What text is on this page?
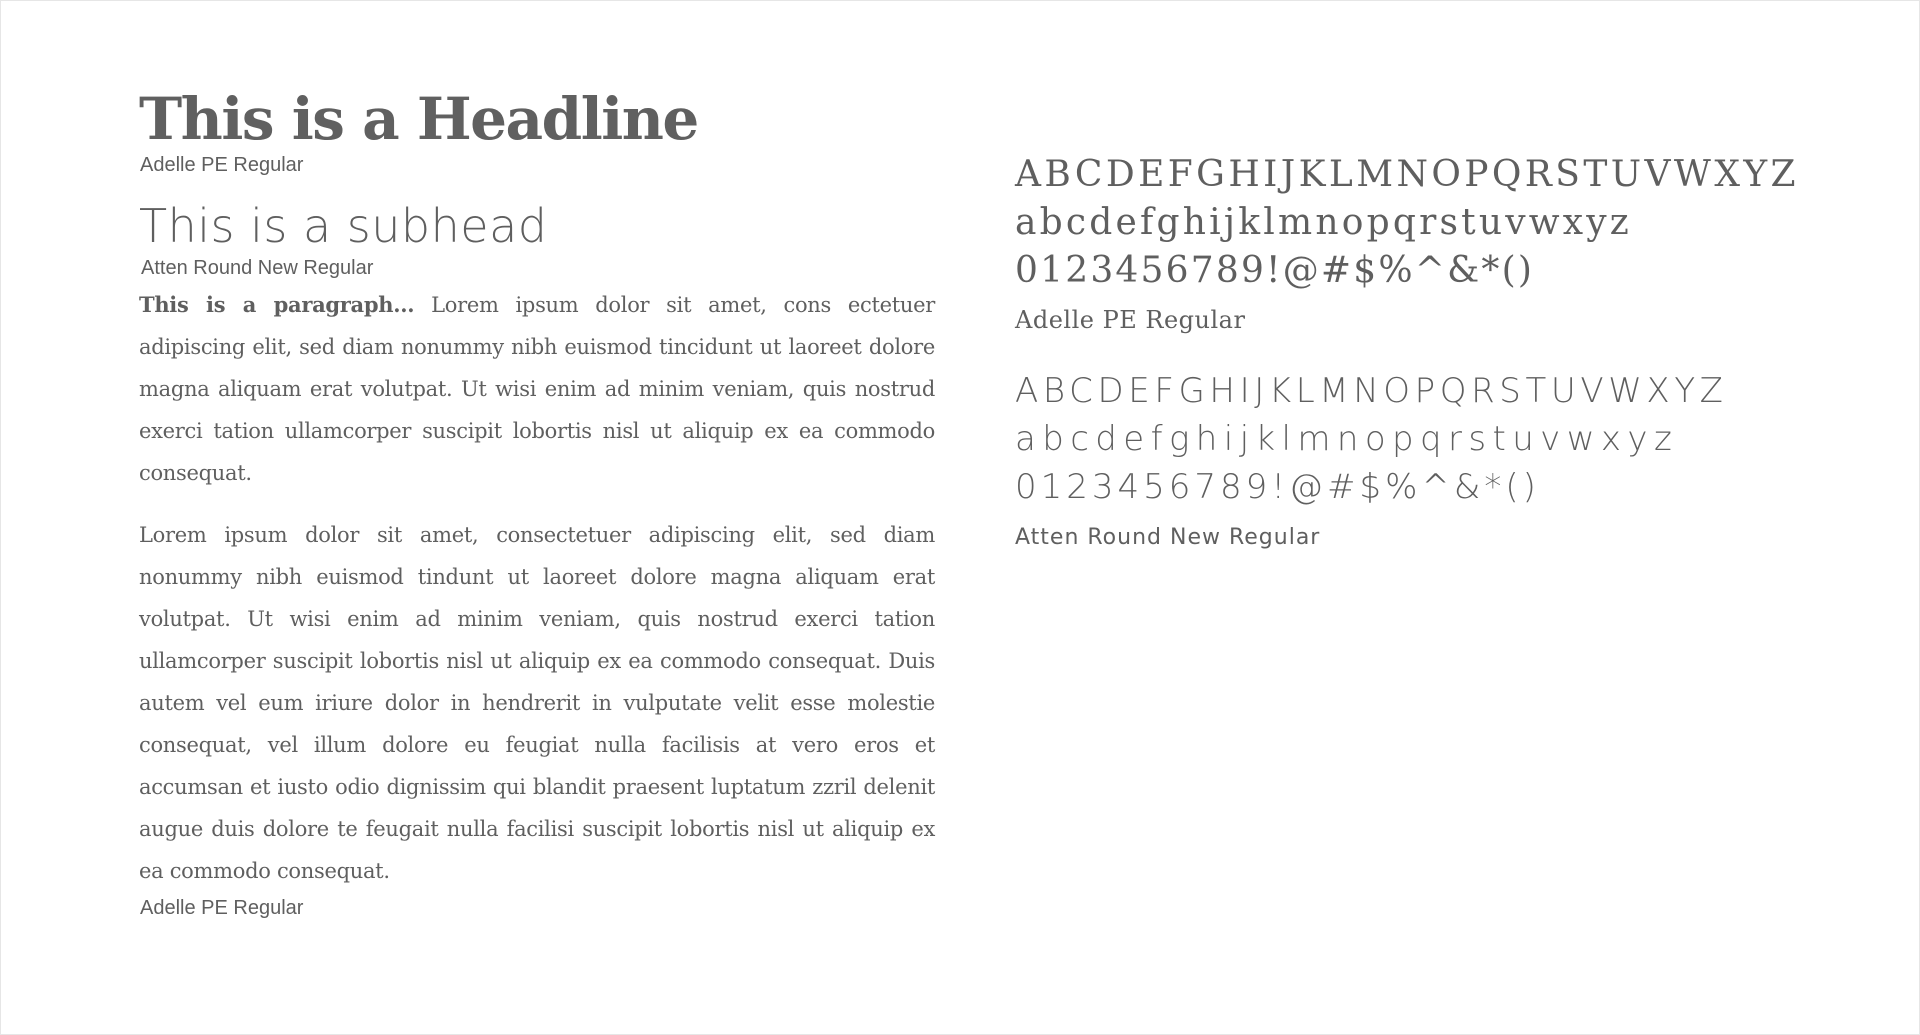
This is a Headline

Adelle PE Regular

This is a subhead

Atten Round New Regular

This is a paragraph... Lorem ipsum dolor sit amet, cons ectetuer adipiscing elit, sed diam nonummy nibh euismod tincidunt ut laoreet dolore magna aliquam erat volutpat. Ut wisi enim ad minim veniam, quis nostrud exerci tation ullamcorper suscipit lobortis nisl ut aliquip ex ea commodo consequat.

Lorem ipsum dolor sit amet, consectetuer adipiscing elit, sed diam nonummy nibh euismod tindunt ut laoreet dolore magna aliquam erat volutpat. Ut wisi enim ad minim veniam, quis nostrud exerci tation ullamcorper suscipit lobortis nisl ut aliquip ex ea commodo consequat. Duis autem vel eum iriure dolor in hendrerit in vulputate velit esse molestie consequat, vel illum dolore eu feugiat nulla facilisis at vero eros et accumsan et iusto odio dignissim qui blandit praesent luptatum zzril delenit augue duis dolore te feugait nulla facilisi suscipit lobortis nisl ut aliquip ex ea commodo consequat.

Adelle PE Regular

ABCDEFGHIJKLMNOPQRSTUVWXYZ

abcdefghijklmnopqrstuvwxyz

0123456789!@#$%^&*()

Adelle PE Regular

ABCDEFGHIJKLMNOPQRSTUVWXYZ

abcdefghijklmnopqrstuvwxyz

0123456789!@#$%^&*()

Atten Round New Regular
